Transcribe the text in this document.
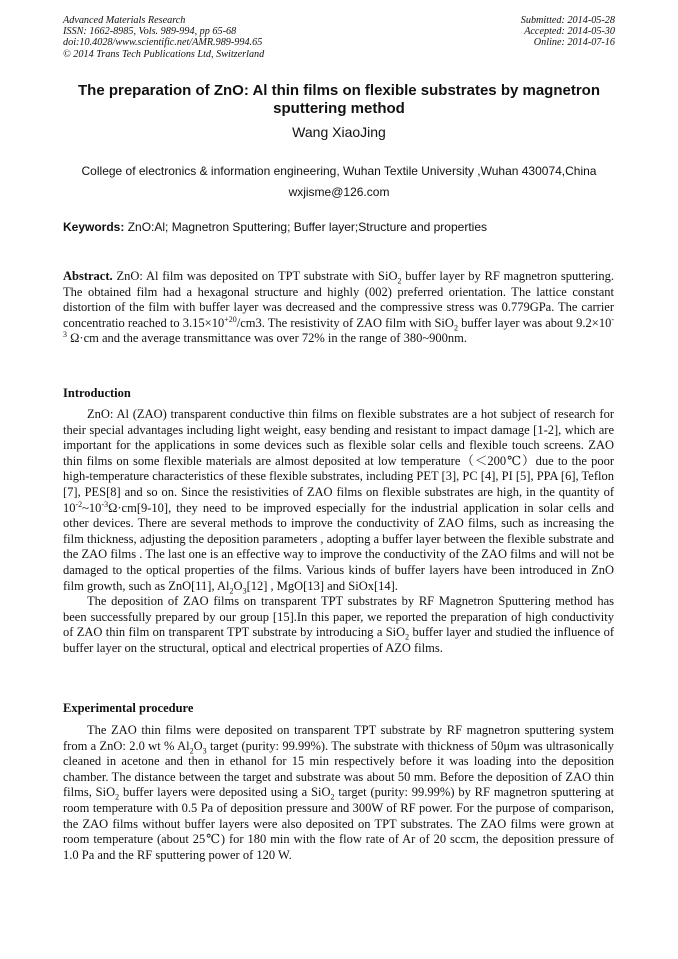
Advanced Materials Research
ISSN: 1662-8985, Vols. 989-994, pp 65-68
doi:10.4028/www.scientific.net/AMR.989-994.65
© 2014 Trans Tech Publications Ltd, Switzerland
Submitted: 2014-05-28
Accepted: 2014-05-30
Online: 2014-07-16
The preparation of ZnO: Al thin films on flexible substrates by magnetron sputtering method
Wang XiaoJing
College of electronics & information engineering, Wuhan Textile University ,Wuhan 430074,China
wxjisme@126.com
Keywords: ZnO:Al; Magnetron Sputtering; Buffer layer;Structure and properties

Abstract. ZnO: Al film was deposited on TPT substrate with SiO$_2$ buffer layer by RF magnetron sputtering. The obtained film had a hexagonal structure and highly (002) preferred orientation. The lattice constant distortion of the film with buffer layer was decreased and the compressive stress was 0.779GPa. The carrier concentratio reached to $3.15\times 10^{+20}/cm3$. The resistivity of ZAO film with SiO$_2$ buffer layer was about $9.2\times 10^{-3}$ Ω·cm and the average transmittance was over 72% in the range of 380~900nm.

Introduction

ZnO: Al (ZAO) transparent conductive thin films on flexible substrates are a hot subject of research for their special advantages including light weight, easy bending and resistant to impact damage [1-2], which are important for the applications in some devices such as flexible solar cells and flexible touch screens. ZAO thin films on some flexible materials are almost deposited at low temperature（＜200℃）due to the poor high-temperature characteristics of these flexible substrates, including PET [3], PC [4], PI [5], PPA [6], Teflon [7], PES[8] and so on. Since the resistivities of ZAO films on flexible substrates are high, in the quantity of $10^{-2}\sim 10^{-3}\Omega\cdot cm[9-10]$, they need to be improved especially for the industrial application in solar cells and other devices. There are several methods to improve the conductivity of ZAO films, such as increasing the film thickness, adjusting the deposition parameters , adopting a buffer layer between the flexible substrate and the ZAO films . The last one is an effective way to improve the conductivity of the ZAO films and will not be damaged to the optical properties of the films. Various kinds of buffer layers have been introduced in ZnO film growth, such as ZnO[11], $Al_2O_3[12]$ , MgO[13] and SiOx[14].

The deposition of ZAO films on transparent TPT substrates by RF Magnetron Sputtering method has been successfully prepared by our group [15].In this paper, we reported the preparation of high conductivity of ZAO thin film on transparent TPT substrate by introducing a SiO$_2$ buffer layer and studied the influence of buffer layer on the structural, optical and electrical properties of AZO films.

Experimental procedure

The ZAO thin films were deposited on transparent TPT substrate by RF magnetron sputtering system from a ZnO: 2.0 wt % $Al_2O_3$ target (purity: 99.99%). The substrate with thickness of 50μm was ultrasonically cleaned in acetone and then in ethanol for 15 min respectively before it was loading into the deposition chamber. The distance between the target and substrate was about 50 mm. Before the deposition of ZAO thin films, SiO$_2$ buffer layers were deposited using a SiO$_2$ target (purity: 99.99%) by RF magnetron sputtering at room temperature with 0.5 Pa of deposition pressure and 300W of RF power. For the purpose of comparison, the ZAO films without buffer layers were also deposited on TPT substrates. The ZAO films were grown at room temperature (about 25℃) for 180 min with the flow rate of Ar of 20 sccm, the deposition pressure of 1.0 Pa and the RF sputtering power of 120 W.
